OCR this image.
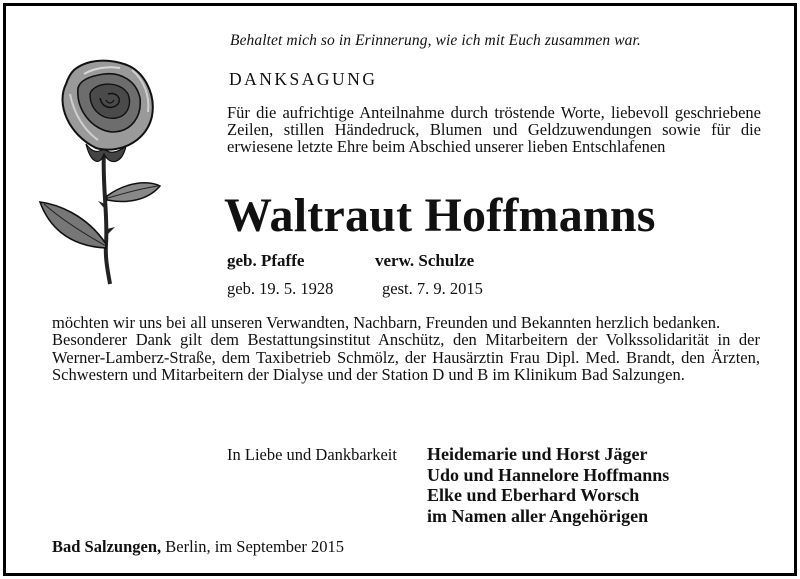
Behaltet mich so in Erinnerung, wie ich mit Euch zusammen war.
DANKSAGUNG
Für die aufrichtige Anteilnahme durch tröstende Worte, liebevoll geschriebene Zeilen, stillen Händedruck, Blumen und Geldzuwendungen sowie für die erwiesene letzte Ehre beim Abschied unserer lieben Entschlafenen
Waltraut Hoffmanns
geb. Pfaffe	verw. Schulze
geb. 19. 5. 1928	gest. 7. 9. 2015

möchten wir uns bei all unseren Verwandten, Nachbarn, Freunden und Bekannten herzlich bedanken.

Besonderer Dank gilt dem Bestattungsinstitut Anschütz, den Mitarbeitern der Volkssolidarität in der Werner-Lamberz-Straße, dem Taxibetrieb Schmölz, der Hausärztin Frau Dipl. Med. Brandt, den Ärzten, Schwestern und Mitarbeitern der Dialyse und der Station D und B im Klinikum Bad Salzungen.

In Liebe und Dankbarkeit Heidemarie und Horst Jäger
Udo und Hannelore Hoffmanns
Elke und Eberhard Worsch
im Namen aller Angehörigen
Bad Salzungen, Berlin, im September 2015
